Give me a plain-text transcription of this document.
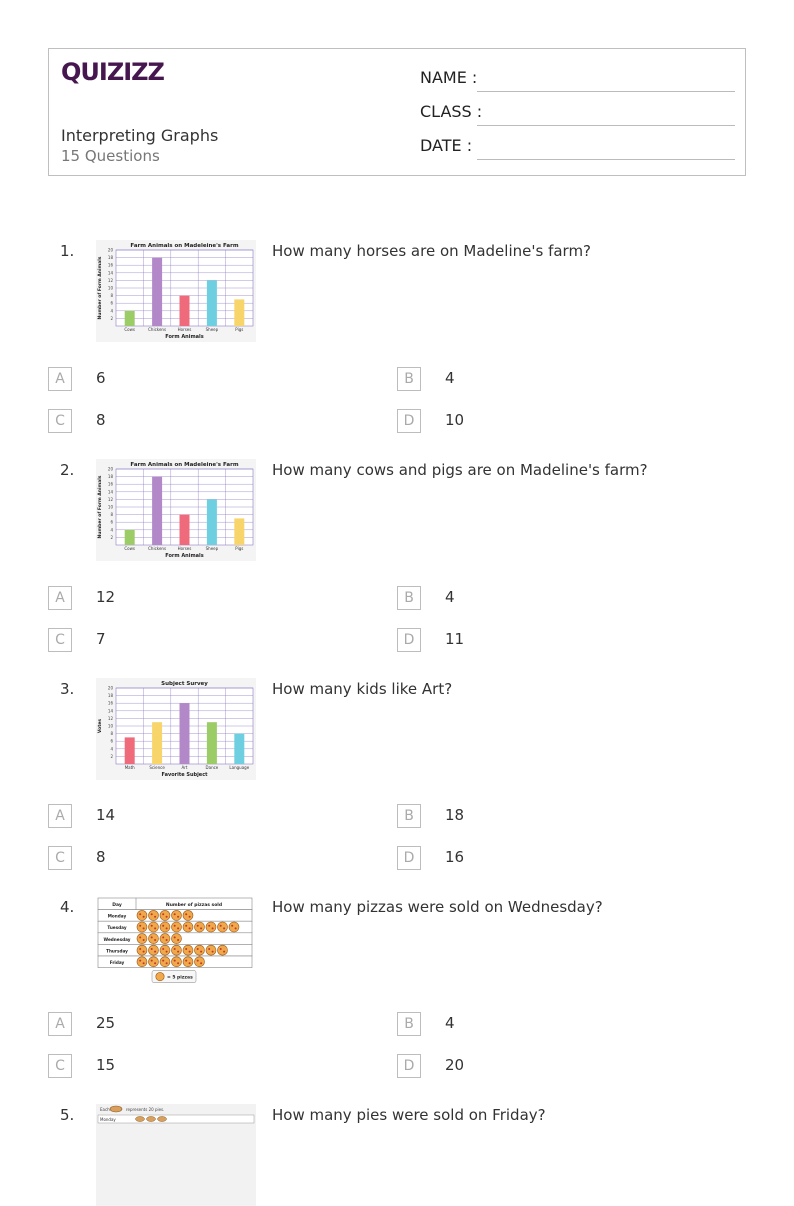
QUIZIZZ
Interpreting Graphs
15 Questions
NAME :
CLASS :
DATE :
1.	Farm Animals on Madeleine's Farm
2
4
6
8
10
12
14
16
18
20
Cows	Chickens	Horses	Sheep	Pigs
Form Animals
Number of Form Animals
How many horses are on Madeline's farm?
A	6	B	4
C	8	D	10
2.	Farm Animals on Madeleine's Farm
2
4
6
8
10
12
14
16
18
20
Cows	Chickens	Horses	Sheep	Pigs
Form Animals
Number of Form Animals
How many cows and pigs are on Madeline's farm?
A	12	B	4
C	7	D	11
3.	Subject Survey
2
4
6
8
10
12
14
16
18
20
Math	Science	Art	Dance	Language
Favorite Subject
Votes
How many kids like Art?
A	14	B	18
C	8	D	16
4.	Day	Number of pizzas sold
Monday
Tuesday
Wednesday
Thursday
Friday
= 5 pizzas
How many pizzas were sold on Wednesday?
A	25	B	4
C	15	D	20
5.	Each	represents 20 pies.
Monday	How many pies were sold on Friday?
